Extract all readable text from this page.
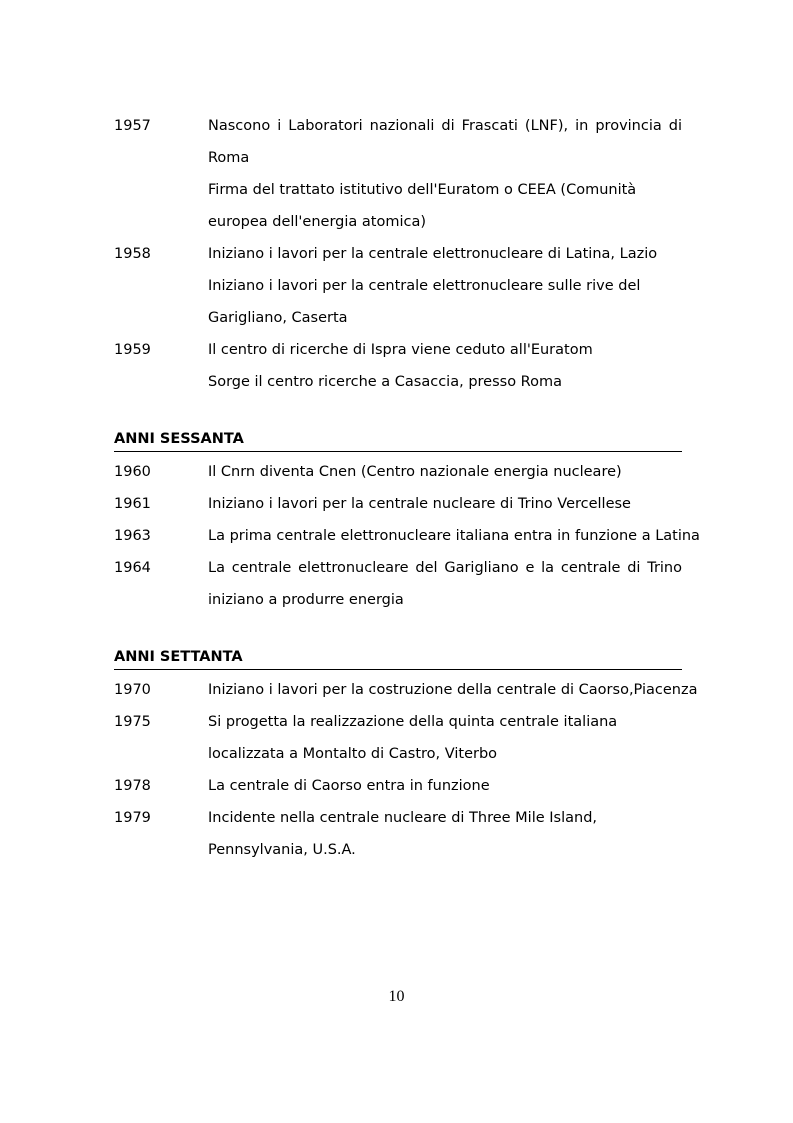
1957	Nascono i Laboratori nazionali di Frascati (LNF), in provincia di
Roma
Firma del trattato istitutivo dell'Euratom o CEEA (Comunità
europea dell'energia atomica)
1958	Iniziano i lavori per la centrale elettronucleare di Latina, Lazio
Iniziano i lavori per la centrale elettronucleare sulle rive del
Garigliano, Caserta
1959	Il centro di ricerche di Ispra viene ceduto all'Euratom
Sorge il centro ricerche a Casaccia, presso Roma
ANNI SESSANTA
1960	Il Cnrn diventa Cnen (Centro nazionale energia nucleare)
1961	Iniziano i lavori per la centrale nucleare di Trino Vercellese
1963	La prima centrale elettronucleare italiana entra in funzione a Latina
1964	La centrale elettronucleare del Garigliano e la centrale di Trino
iniziano a produrre energia
ANNI SETTANTA
1970	Iniziano i lavori per la costruzione della centrale di Caorso,Piacenza
1975	Si progetta la realizzazione della quinta centrale italiana
localizzata a Montalto di Castro, Viterbo
1978	La centrale di Caorso entra in funzione
1979	Incidente nella centrale nucleare di Three Mile Island,
Pennsylvania, U.S.A.
10
